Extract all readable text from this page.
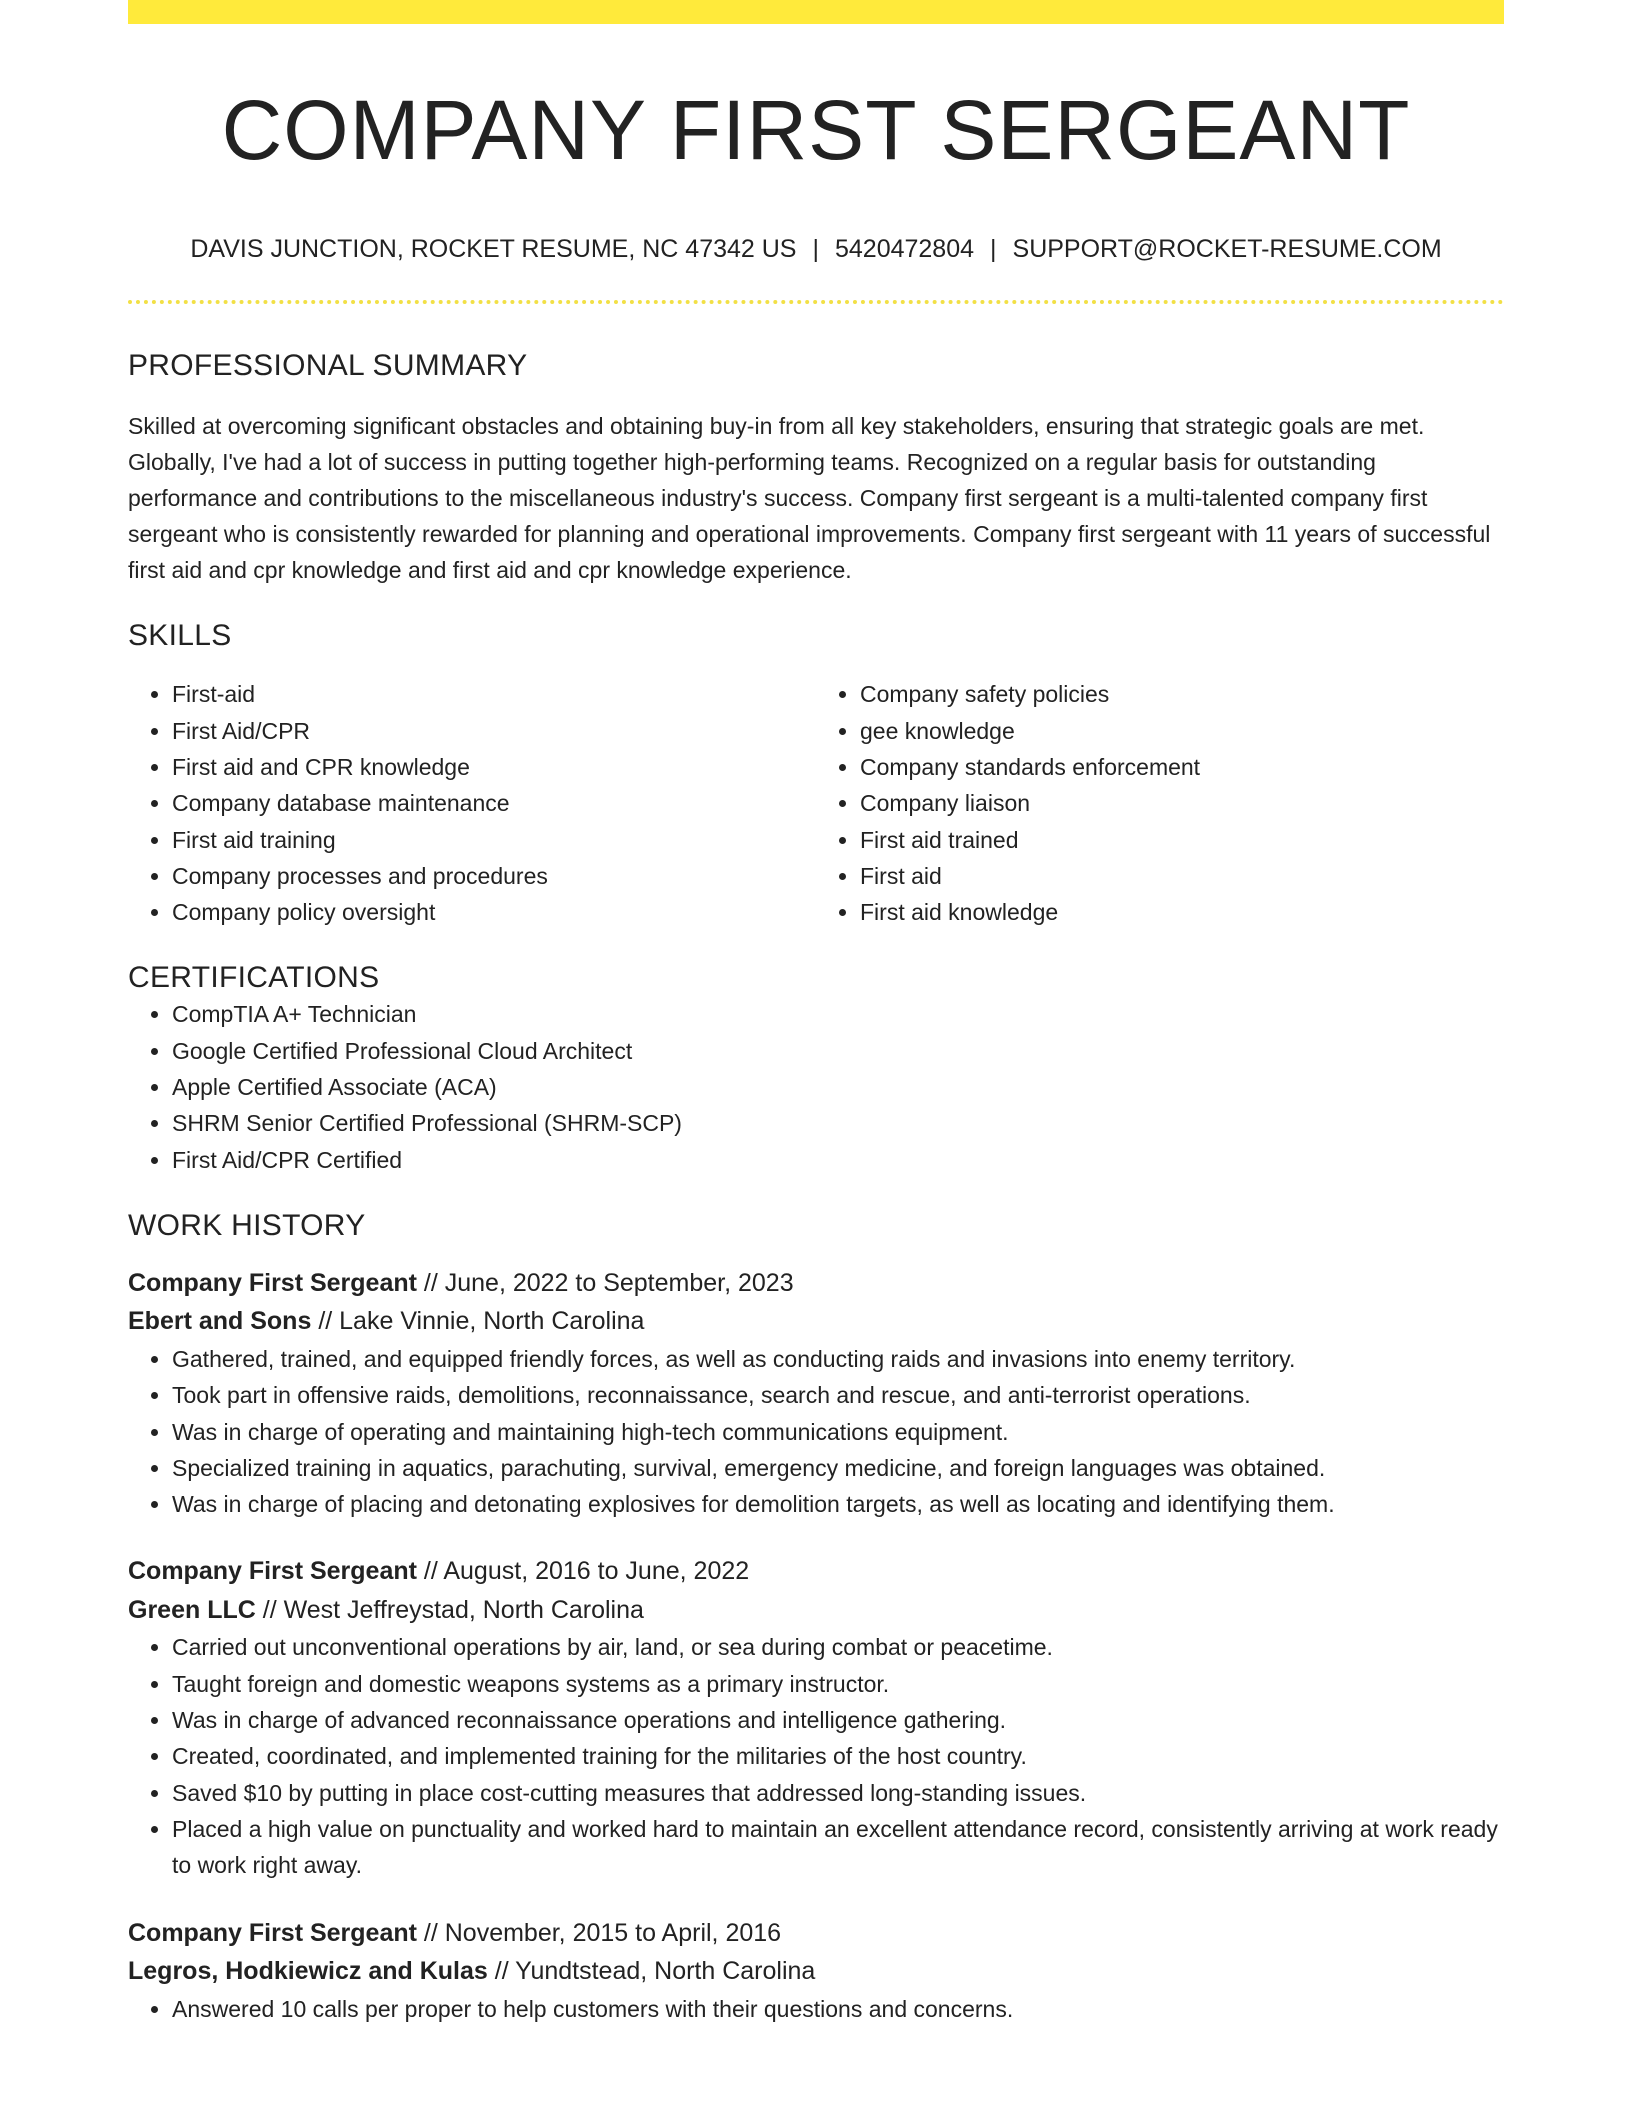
COMPANY FIRST SERGEANT
DAVIS JUNCTION, ROCKET RESUME, NC 47342 US | 5420472804 | SUPPORT@ROCKET-RESUME.COM
PROFESSIONAL SUMMARY

Skilled at overcoming significant obstacles and obtaining buy-in from all key stakeholders, ensuring that strategic goals are met. Globally, I've had a lot of success in putting together high-performing teams. Recognized on a regular basis for outstanding performance and contributions to the miscellaneous industry's success. Company first sergeant is a multi-talented company first sergeant who is consistently rewarded for planning and operational improvements. Company first sergeant with 11 years of successful first aid and cpr knowledge and first aid and cpr knowledge experience.

SKILLS
• First-aid
• First Aid/CPR
• First aid and CPR knowledge
• Company database maintenance
• First aid training
• Company processes and procedures
• Company policy oversight
• Company safety policies
• gee knowledge
• Company standards enforcement
• Company liaison
• First aid trained
• First aid
• First aid knowledge
CERTIFICATIONS
• CompTIA A+ Technician
• Google Certified Professional Cloud Architect
• Apple Certified Associate (ACA)
• SHRM Senior Certified Professional (SHRM-SCP)
• First Aid/CPR Certified
WORK HISTORY
Company First Sergeant // June, 2022 to September, 2023
Ebert and Sons // Lake Vinnie, North Carolina
• Gathered, trained, and equipped friendly forces, as well as conducting raids and invasions into enemy territory.
• Took part in offensive raids, demolitions, reconnaissance, search and rescue, and anti-terrorist operations.
• Was in charge of operating and maintaining high-tech communications equipment.
• Specialized training in aquatics, parachuting, survival, emergency medicine, and foreign languages was obtained.
• Was in charge of placing and detonating explosives for demolition targets, as well as locating and identifying them.
Company First Sergeant // August, 2016 to June, 2022
Green LLC // West Jeffreystad, North Carolina
• Carried out unconventional operations by air, land, or sea during combat or peacetime.
• Taught foreign and domestic weapons systems as a primary instructor.
• Was in charge of advanced reconnaissance operations and intelligence gathering.
• Created, coordinated, and implemented training for the militaries of the host country.
• Saved $10 by putting in place cost-cutting measures that addressed long-standing issues.
• Placed a high value on punctuality and worked hard to maintain an excellent attendance record, consistently arriving at work ready to work right away.
Company First Sergeant // November, 2015 to April, 2016
Legros, Hodkiewicz and Kulas // Yundtstead, North Carolina
• Answered 10 calls per proper to help customers with their questions and concerns.
